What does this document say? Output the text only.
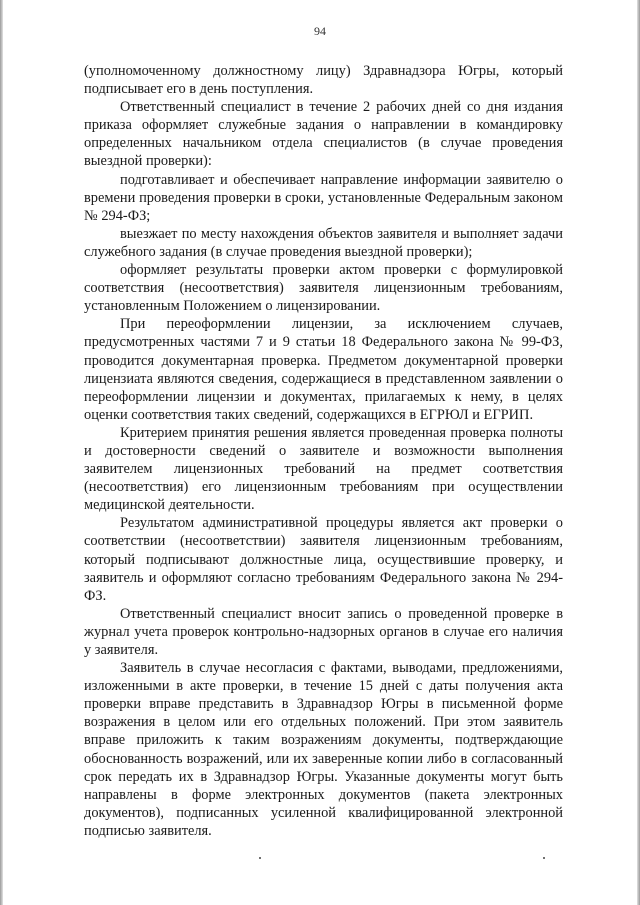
94

(уполномоченному должностному лицу) Здравнадзора Югры, который подписывает его в день поступления.

Ответственный специалист в течение 2 рабочих дней со дня издания приказа оформляет служебные задания о направлении в командировку определенных начальником отдела специалистов (в случае проведения выездной проверки):

подготавливает и обеспечивает направление информации заявителю о времени проведения проверки в сроки, установленные Федеральным законом № 294-ФЗ;

выезжает по месту нахождения объектов заявителя и выполняет задачи служебного задания (в случае проведения выездной проверки);

оформляет результаты проверки актом проверки с формулировкой соответствия (несоответствия) заявителя лицензионным требованиям, установленным Положением о лицензировании.

При переоформлении лицензии, за исключением случаев, предусмотренных частями 7 и 9 статьи 18 Федерального закона № 99-ФЗ, проводится документарная проверка. Предметом документарной проверки лицензиата являются сведения, содержащиеся в представленном заявлении о переоформлении лицензии и документах, прилагаемых к нему, в целях оценки соответствия таких сведений, содержащихся в ЕГРЮЛ и ЕГРИП.

Критерием принятия решения является проведенная проверка полноты и достоверности сведений о заявителе и возможности выполнения заявителем лицензионных требований на предмет соответствия (несоответствия) его лицензионным требованиям при осуществлении медицинской деятельности.

Результатом административной процедуры является акт проверки о соответствии (несоответствии) заявителя лицензионным требованиям, который подписывают должностные лица, осуществившие проверку, и заявитель и оформляют согласно требованиям Федерального закона № 294-ФЗ.

Ответственный специалист вносит запись о проведенной проверке в журнал учета проверок контрольно-надзорных органов в случае его наличия у заявителя.

Заявитель в случае несогласия с фактами, выводами, предложениями, изложенными в акте проверки, в течение 15 дней с даты получения акта проверки вправе представить в Здравнадзор Югры в письменной форме возражения в целом или его отдельных положений. При этом заявитель вправе приложить к таким возражениям документы, подтверждающие обоснованность возражений, или их заверенные копии либо в согласованный срок передать их в Здравнадзор Югры. Указанные документы могут быть направлены в форме электронных документов (пакета электронных документов), подписанных усиленной квалифицированной электронной подписью заявителя.
